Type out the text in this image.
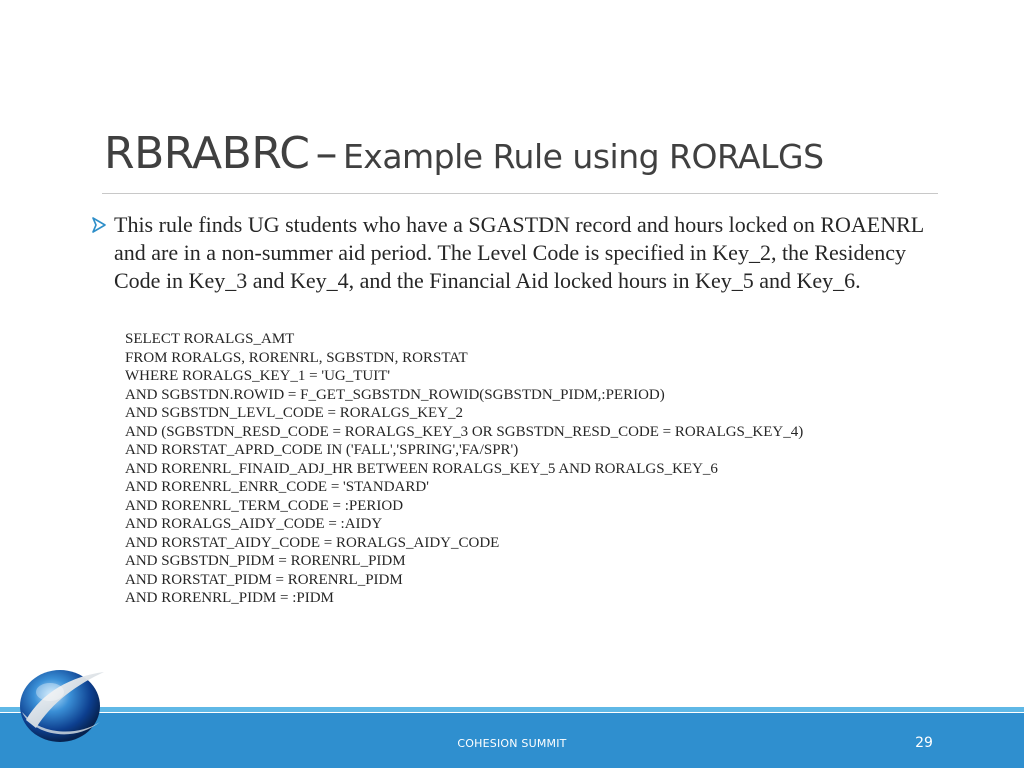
RBRABRC – Example Rule using RORALGS
This rule finds UG students who have a SGASTDN record and hours locked on ROAENRL and are in a non-summer aid period. The Level Code is specified in Key_2, the Residency Code in Key_3 and Key_4, and the Financial Aid locked hours in Key_5 and Key_6.
SELECT RORALGS_AMT
FROM RORALGS, RORENRL, SGBSTDN, RORSTAT
WHERE RORALGS_KEY_1 = 'UG_TUIT'
AND SGBSTDN.ROWID = F_GET_SGBSTDN_ROWID(SGBSTDN_PIDM,:PERIOD)
AND SGBSTDN_LEVL_CODE = RORALGS_KEY_2
AND (SGBSTDN_RESD_CODE = RORALGS_KEY_3 OR SGBSTDN_RESD_CODE = RORALGS_KEY_4)
AND RORSTAT_APRD_CODE IN ('FALL','SPRING','FA/SPR')
AND RORENRL_FINAID_ADJ_HR BETWEEN RORALGS_KEY_5 AND RORALGS_KEY_6
AND RORENRL_ENRR_CODE = 'STANDARD'
AND RORENRL_TERM_CODE = :PERIOD
AND RORALGS_AIDY_CODE = :AIDY
AND RORSTAT_AIDY_CODE = RORALGS_AIDY_CODE
AND SGBSTDN_PIDM = RORENRL_PIDM
AND RORSTAT_PIDM = RORENRL_PIDM
AND RORENRL_PIDM = :PIDM
COHESION SUMMIT	29
